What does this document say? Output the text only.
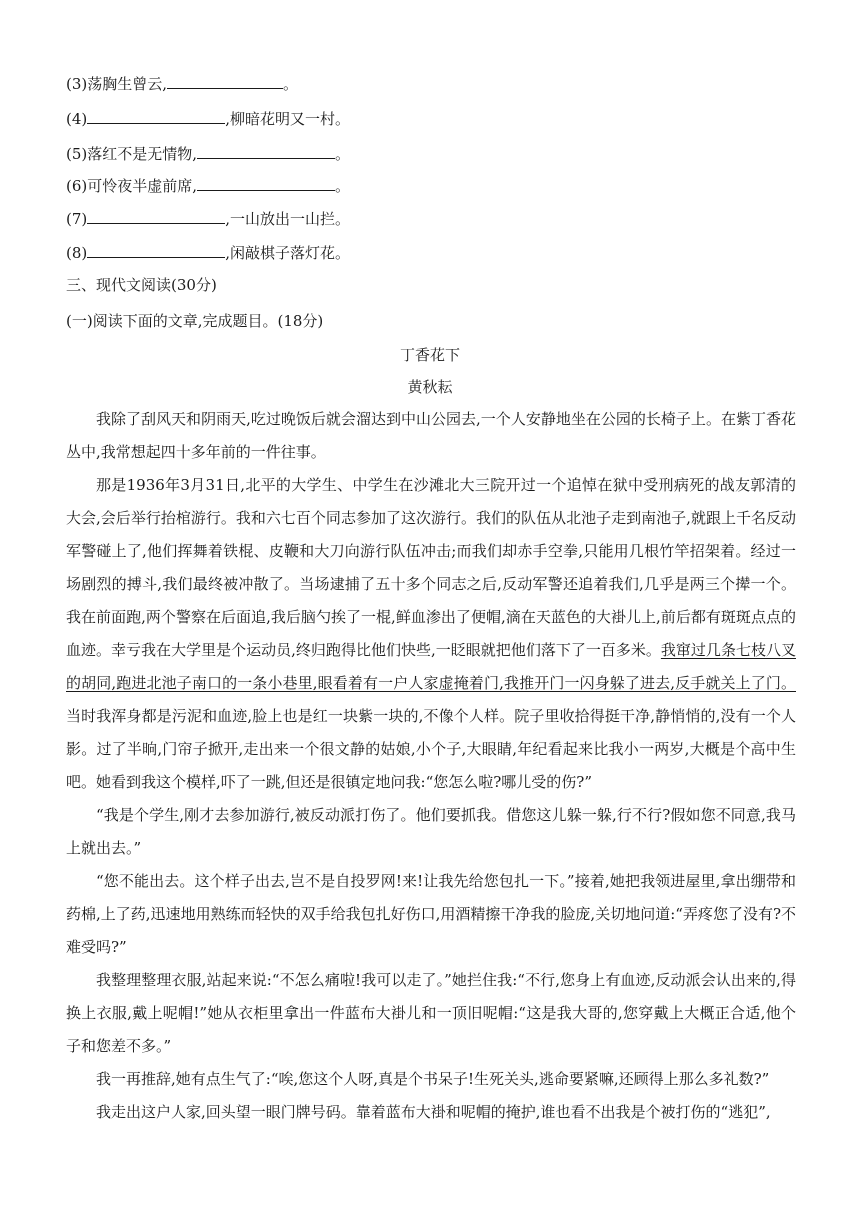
(3)荡胸生曾云,	。
(4)	,柳暗花明又一村。
(5)落红不是无情物,	。
(6)可怜夜半虚前席,	。
(7)	,一山放出一山拦。
(8)	,闲敲棋子落灯花。
三、现代文阅读(30分)
(一)阅读下面的文章,完成题目。(18分)
丁香花下
黄秋耘

我除了刮风天和阴雨天,吃过晚饭后就会溜达到中山公园去,一个人安静地坐在公园的长椅子上。在紫丁香花丛中,我常想起四十多年前的一件往事。

那是1936年3月31日,北平的大学生、中学生在沙滩北大三院开过一个追悼在狱中受刑病死的战友郭清的大会,会后举行抬棺游行。我和六七百个同志参加了这次游行。我们的队伍从北池子走到南池子,就跟上千名反动军警碰上了,他们挥舞着铁棍、皮鞭和大刀向游行队伍冲击;而我们却赤手空拳,只能用几根竹竿招架着。经过一场剧烈的搏斗,我们最终被冲散了。当场逮捕了五十多个同志之后,反动军警还追着我们,几乎是两三个撵一个。我在前面跑,两个警察在后面追,我后脑勺挨了一棍,鲜血渗出了便帽,滴在天蓝色的大褂儿上,前后都有斑斑点点的血迹。幸亏我在大学里是个运动员,终归跑得比他们快些,一眨眼就把他们落下了一百多米。我窜过几条七枝八叉的胡同,跑进北池子南口的一条小巷里,眼看着有一户人家虚掩着门,我推开门一闪身躲了进去,反手就关上了门。当时我浑身都是污泥和血迹,脸上也是红一块紫一块的,不像个人样。院子里收拾得挺干净,静悄悄的,没有一个人影。过了半晌,门帘子掀开,走出来一个很文静的姑娘,小个子,大眼睛,年纪看起来比我小一两岁,大概是个高中生吧。她看到我这个模样,吓了一跳,但还是很镇定地问我:“您怎么啦?哪儿受的伤?”

“我是个学生,刚才去参加游行,被反动派打伤了。他们要抓我。借您这儿躲一躲,行不行?假如您不同意,我马上就出去。”

“您不能出去。这个样子出去,岂不是自投罗网!来!让我先给您包扎一下。”接着,她把我领进屋里,拿出绷带和药棉,上了药,迅速地用熟练而轻快的双手给我包扎好伤口,用酒精擦干净我的脸庞,关切地问道:“弄疼您了没有?不难受吗?”

我整理整理衣服,站起来说:“不怎么痛啦!我可以走了。”她拦住我:“不行,您身上有血迹,反动派会认出来的,得换上衣服,戴上呢帽!”她从衣柜里拿出一件蓝布大褂儿和一顶旧呢帽:“这是我大哥的,您穿戴上大概正合适,他个子和您差不多。”

我一再推辞,她有点生气了:“唉,您这个人呀,真是个书呆子!生死关头,逃命要紧嘛,还顾得上那么多礼数?”

我走出这户人家,回头望一眼门牌号码。靠着蓝布大褂和呢帽的掩护,谁也看不出我是个被打伤的“逃犯”,
